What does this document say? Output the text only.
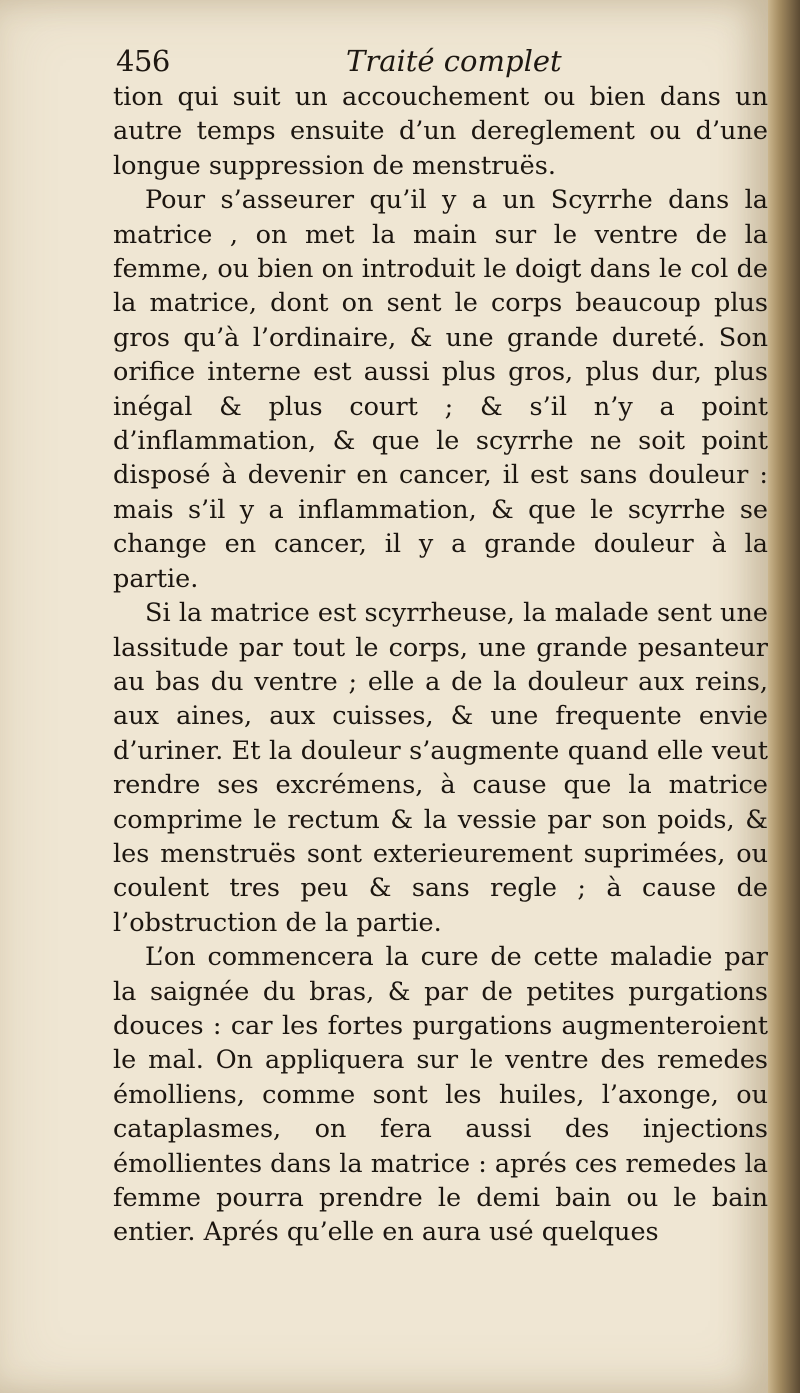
456	Traité complet

tion qui suit un accouchement ou bien dans un autre temps ensuite d’un dereglement ou d’une longue suppression de menstruës.

Pour s’asseurer qu’il y a un Scyrrhe dans la matrice , on met la main sur le ventre de la femme, ou bien on introduit le doigt dans le col de la matrice, dont on sent le corps beaucoup plus gros qu’à l’ordinaire, & une grande dureté. Son orifice interne est aussi plus gros, plus dur, plus inégal & plus court ; & s’il n’y a point d’inflammation, & que le scyrrhe ne soit point disposé à devenir en cancer, il est sans douleur : mais s’il y a inflammation, & que le scyrrhe se change en cancer, il y a grande douleur à la partie.

Si la matrice est scyrrheuse, la malade sent une lassitude par tout le corps, une grande pesanteur au bas du ventre ; elle a de la douleur aux reins, aux aines, aux cuisses, & une frequente envie d’uriner. Et la douleur s’augmente quand elle veut rendre ses excrémens, à cause que la matrice comprime le rectum & la vessie par son poids, & les menstruës sont exterieurement suprimées, ou coulent tres peu & sans regle ; à cause de l’obstruction de la partie.

L’on commencera la cure de cette maladie par la saignée du bras, & par de petites purgations douces : car les fortes purgations augmenteroient le mal. On appliquera sur le ventre des remedes émolliens, comme sont les huiles, l’axonge, ou cataplasmes, on fera aussi des injections émollientes dans la matrice : aprés ces remedes la femme pourra prendre le demi bain ou le bain entier. Aprés qu’elle en aura usé quelques
